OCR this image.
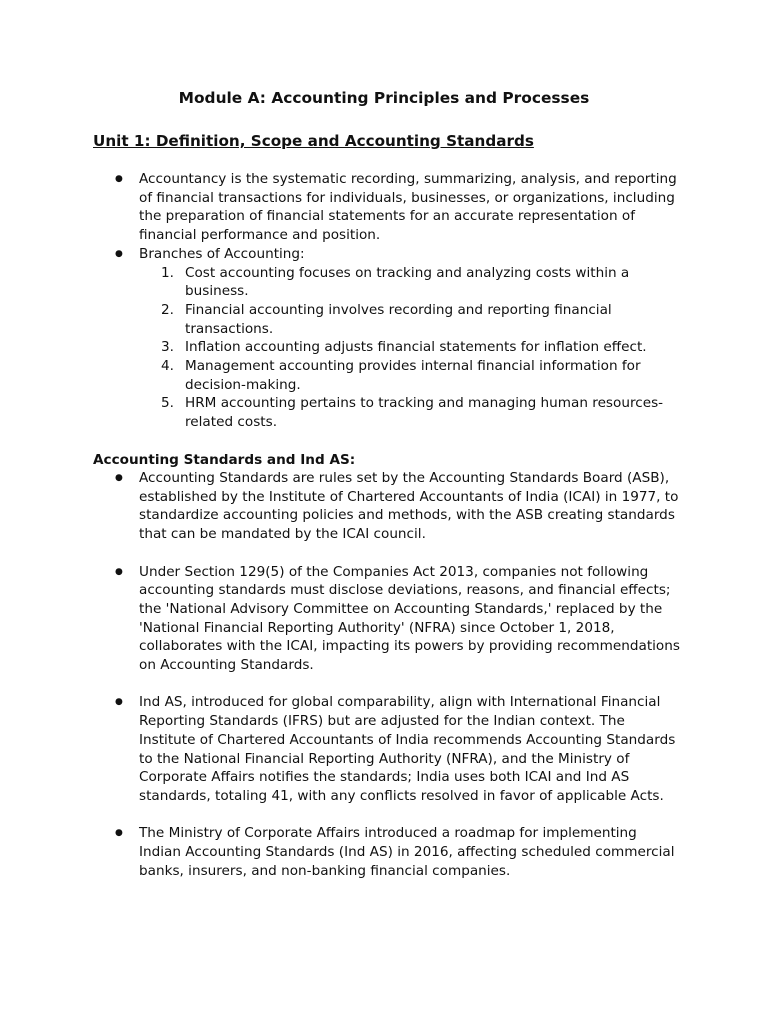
Module A: Accounting Principles and Processes
Unit 1: Definition, Scope and Accounting Standards
● Accountancy is the systematic recording, summarizing, analysis, and reporting of financial transactions for individuals, businesses, or organizations, including the preparation of financial statements for an accurate representation of financial performance and position.
● Branches of Accounting:
1. Cost accounting focuses on tracking and analyzing costs within a business.
2. Financial accounting involves recording and reporting financial transactions.
3. Inflation accounting adjusts financial statements for inflation effect.
4. Management accounting provides internal financial information for decision-making.
5. HRM accounting pertains to tracking and managing human resources-related costs.
Accounting Standards and Ind AS:
● Accounting Standards are rules set by the Accounting Standards Board (ASB), established by the Institute of Chartered Accountants of India (ICAI) in 1977, to standardize accounting policies and methods, with the ASB creating standards that can be mandated by the ICAI council.
● Under Section 129(5) of the Companies Act 2013, companies not following accounting standards must disclose deviations, reasons, and financial effects; the 'National Advisory Committee on Accounting Standards,' replaced by the 'National Financial Reporting Authority' (NFRA) since October 1, 2018, collaborates with the ICAI, impacting its powers by providing recommendations on Accounting Standards.
● Ind AS, introduced for global comparability, align with International Financial Reporting Standards (IFRS) but are adjusted for the Indian context. The Institute of Chartered Accountants of India recommends Accounting Standards to the National Financial Reporting Authority (NFRA), and the Ministry of Corporate Affairs notifies the standards; India uses both ICAI and Ind AS standards, totaling 41, with any conflicts resolved in favor of applicable Acts.
● The Ministry of Corporate Affairs introduced a roadmap for implementing Indian Accounting Standards (Ind AS) in 2016, affecting scheduled commercial banks, insurers, and non-banking financial companies.
